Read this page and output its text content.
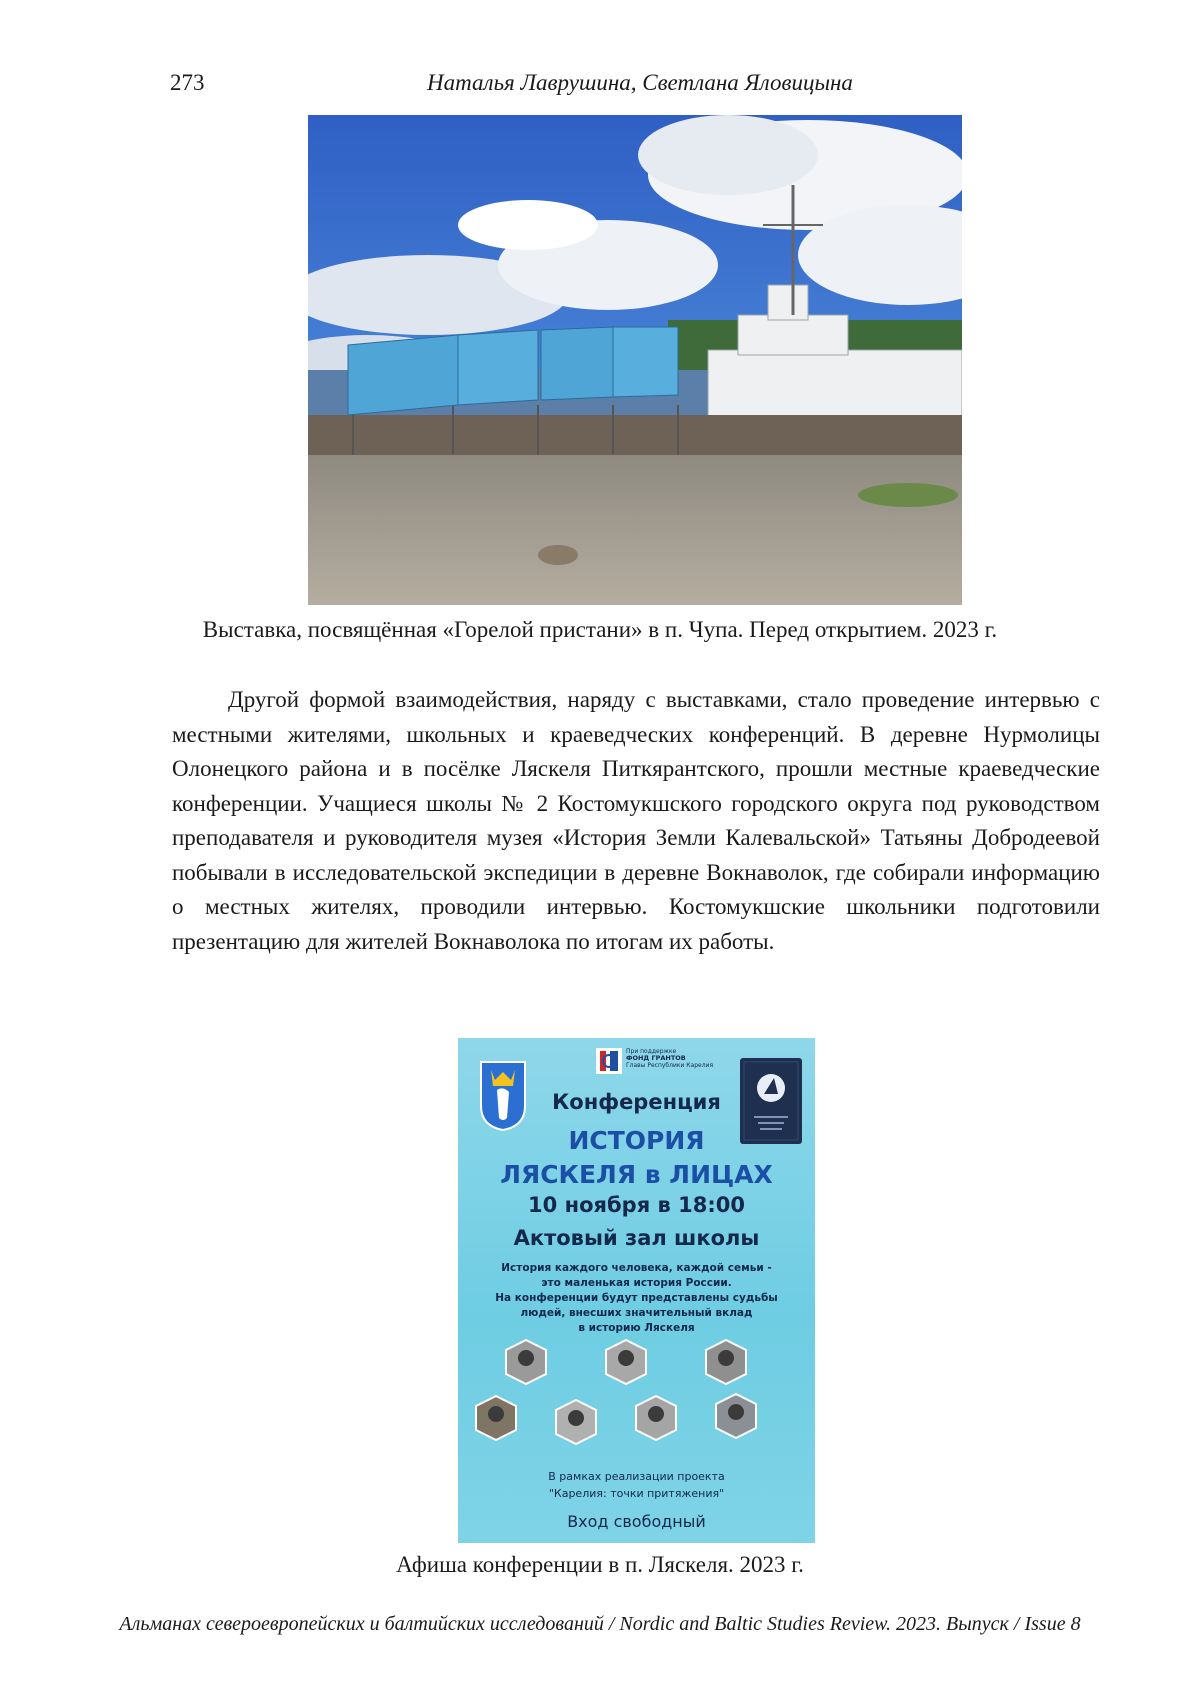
273	Наталья Лаврушина, Светлана Яловицына
Выставка, посвящённая «Горелой пристани» в п. Чупа. Перед открытием. 2023 г.

Другой формой взаимодействия, наряду с выставками, стало проведение интервью с местными жителями, школьных и краеведческих конференций. В деревне Нурмолицы Олонецкого района и в посёлке Ляскеля Питкярантского, прошли местные краеведческие конференции. Учащиеся школы № 2 Костомукшского городского округа под руководством преподавателя и руководителя музея «История Земли Калевальской» Татьяны Добродеевой побывали в исследовательской экспедиции в деревне Вокнаволок, где собирали информацию о местных жителях, проводили интервью. Костомукшские школьники подготовили презентацию для жителей Вокнаволока по итогам их работы.

При поддержке
ФОНД ГРАНТОВ
Главы Республики Карелия
Конференция
ИСТОРИЯ
ЛЯСКЕЛЯ в ЛИЦАХ
10 ноября в 18:00
Актовый зал школы
История каждого человека, каждой семьи -
это маленькая история России.
На конференции будут представлены судьбы
людей, внесших значительный вклад
в историю Ляскеля
В рамках реализации проекта
"Карелия: точки притяжения"
Вход свободный
Афиша конференции в п. Ляскеля. 2023 г.
Альманах североевропейских и балтийских исследований / Nordic and Baltic Studies Review. 2023. Выпуск / Issue 8
